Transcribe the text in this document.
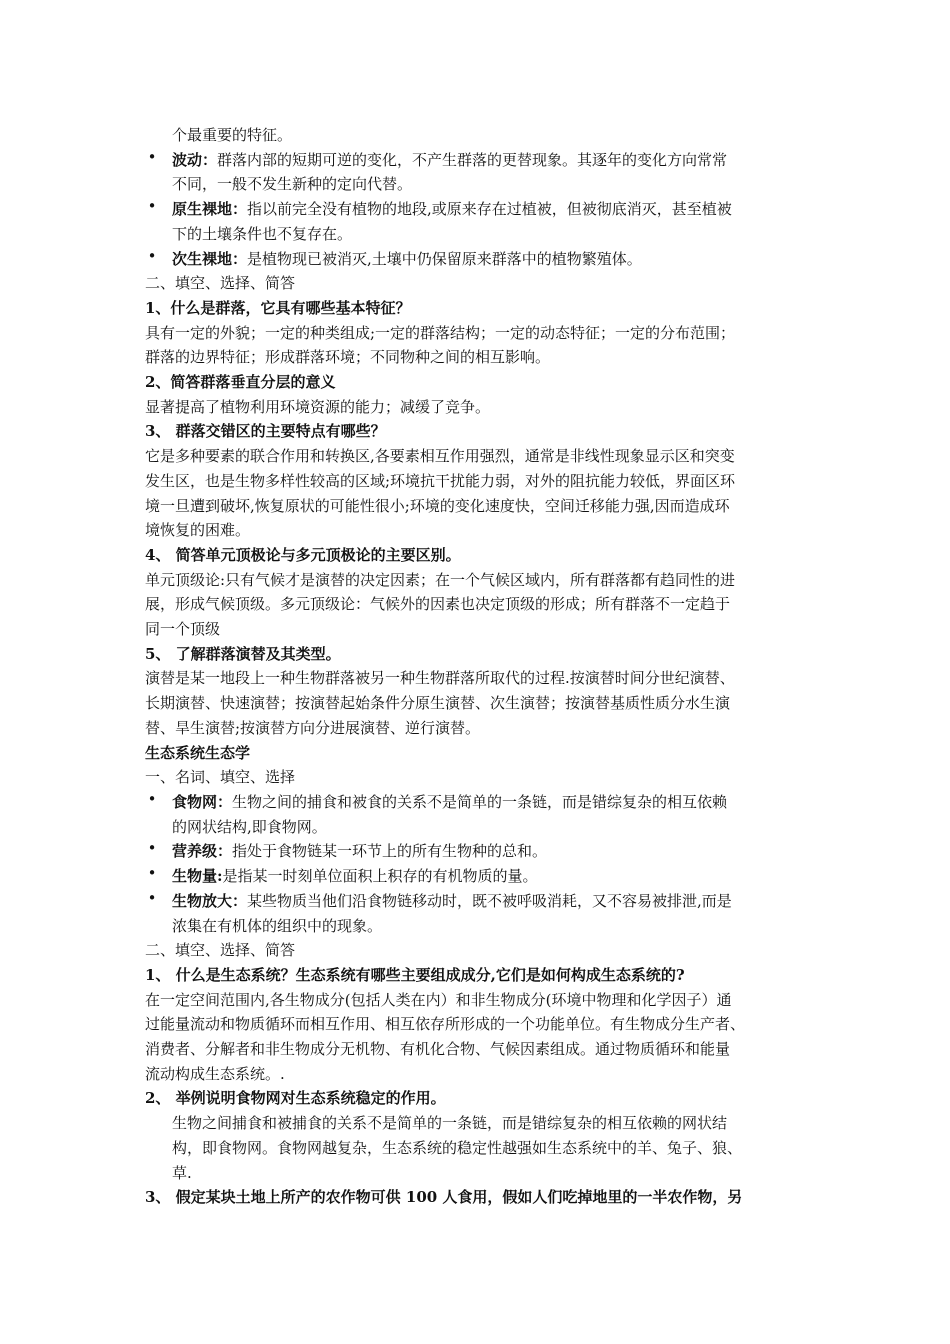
个最重要的特征。
•	波动：群落内部的短期可逆的变化，不产生群落的更替现象。其逐年的变化方向常常
不同，一般不发生新种的定向代替。
•	原生裸地：指以前完全没有植物的地段,或原来存在过植被，但被彻底消灭，甚至植被
下的土壤条件也不复存在。
•	次生裸地：是植物现已被消灭,土壤中仍保留原来群落中的植物繁殖体。
二、填空、选择、简答
1、什么是群落，它具有哪些基本特征？
具有一定的外貌；一定的种类组成;一定的群落结构；一定的动态特征；一定的分布范围；
群落的边界特征；形成群落环境；不同物种之间的相互影响。
2、简答群落垂直分层的意义
显著提高了植物利用环境资源的能力；减缓了竞争。
3、 群落交错区的主要特点有哪些？
它是多种要素的联合作用和转换区,各要素相互作用强烈，通常是非线性现象显示区和突变
发生区，也是生物多样性较高的区域;环境抗干扰能力弱，对外的阻抗能力较低，界面区环
境一旦遭到破坏,恢复原状的可能性很小;环境的变化速度快，空间迁移能力强,因而造成环
境恢复的困难。
4、 简答单元顶极论与多元顶极论的主要区别。
单元顶级论:只有气候才是演替的决定因素；在一个气候区域内，所有群落都有趋同性的进
展，形成气候顶级。多元顶级论：气候外的因素也决定顶级的形成；所有群落不一定趋于
同一个顶级
5、 了解群落演替及其类型。
演替是某一地段上一种生物群落被另一种生物群落所取代的过程.按演替时间分世纪演替、
长期演替、快速演替；按演替起始条件分原生演替、次生演替；按演替基质性质分水生演
替、旱生演替;按演替方向分进展演替、逆行演替。
生态系统生态学
一、名词、填空、选择
•	食物网：生物之间的捕食和被食的关系不是简单的一条链，而是错综复杂的相互依赖
的网状结构,即食物网。
•	营养级：指处于食物链某一环节上的所有生物种的总和。
•	生物量:是指某一时刻单位面积上积存的有机物质的量。
•	生物放大：某些物质当他们沿食物链移动时，既不被呼吸消耗，又不容易被排泄,而是
浓集在有机体的组织中的现象。
二、填空、选择、简答
1、 什么是生态系统？生态系统有哪些主要组成成分,它们是如何构成生态系统的?
在一定空间范围内,各生物成分(包括人类在内）和非生物成分(环境中物理和化学因子）通
过能量流动和物质循环而相互作用、相互依存所形成的一个功能单位。有生物成分生产者、
消费者、分解者和非生物成分无机物、有机化合物、气候因素组成。通过物质循环和能量
流动构成生态系统。.
2、 举例说明食物网对生态系统稳定的作用。
生物之间捕食和被捕食的关系不是简单的一条链，而是错综复杂的相互依赖的网状结
构，即食物网。食物网越复杂，生态系统的稳定性越强如生态系统中的羊、兔子、狼、
草.
3、 假定某块土地上所产的农作物可供 100 人食用，假如人们吃掉地里的一半农作物，另
